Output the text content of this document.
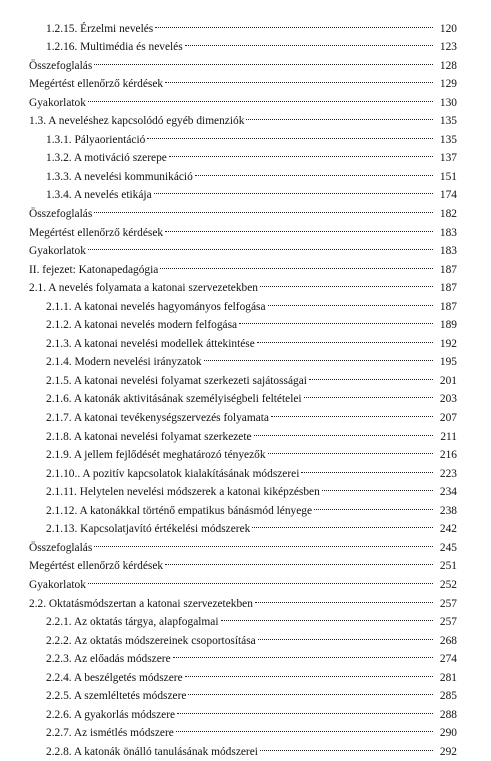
1.2.15. Érzelmi nevelés	120
1.2.16. Multimédia és nevelés	123
Összefoglalás	128
Megértést ellenőrző kérdések	129
Gyakorlatok	130
1.3. A neveléshez kapcsolódó egyéb dimenziók	135
1.3.1. Pályaorientáció	135
1.3.2. A motiváció szerepe	137
1.3.3. A nevelési kommunikáció	151
1.3.4. A nevelés etikája	174
Összefoglalás	182
Megértést ellenőrző kérdések	183
Gyakorlatok	183
II. fejezet: Katonapedagógia	187
2.1. A nevelés folyamata a katonai szervezetekben	187
2.1.1. A katonai nevelés hagyományos felfogása	187
2.1.2. A katonai nevelés modern felfogása	189
2.1.3. A katonai nevelési modellek áttekintése	192
2.1.4. Modern nevelési irányzatok	195
2.1.5. A katonai nevelési folyamat szerkezeti sajátosságai	201
2.1.6. A katonák aktivitásának személyiségbeli feltételei	203
2.1.7. A katonai tevékenységszervezés folyamata	207
2.1.8. A katonai nevelési folyamat szerkezete	211
2.1.9. A jellem fejlődését meghatározó tényezők	216
2.1.10.. A pozitív kapcsolatok kialakításának módszerei	223
2.1.11. Helytelen nevelési módszerek a katonai kiképzésben	234
2.1.12. A katonákkal történő empatikus bánásmód lényege	238
2.1.13. Kapcsolatjavító értékelési módszerek	242
Összefoglalás	245
Megértést ellenőrző kérdések	251
Gyakorlatok	252
2.2. Oktatásmódszertan a katonai szervezetekben	257
2.2.1. Az oktatás tárgya, alapfogalmai	257
2.2.2. Az oktatás módszereinek csoportosítása	268
2.2.3. Az előadás módszere	274
2.2.4. A beszélgetés módszere	281
2.2.5. A szemléltetés módszere	285
2.2.6. A gyakorlás módszere	288
2.2.7. Az ismétlés módszere	290
2.2.8. A katonák önálló tanulásának módszerei	292
